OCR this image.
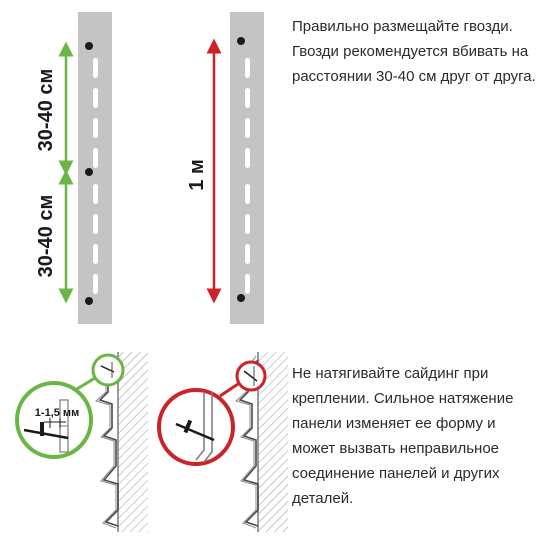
30-40 см
30-40 см
1 м
1-1,5 мм

Правильно размещайте гвозди. Гвозди рекомендуется вбивать на расстоянии 30-40 см друг от друга.

Не натягивайте сайдинг при креплении. Сильное натяжение панели изменяет ее форму и может вызвать неправильное соединение панелей и других деталей.
